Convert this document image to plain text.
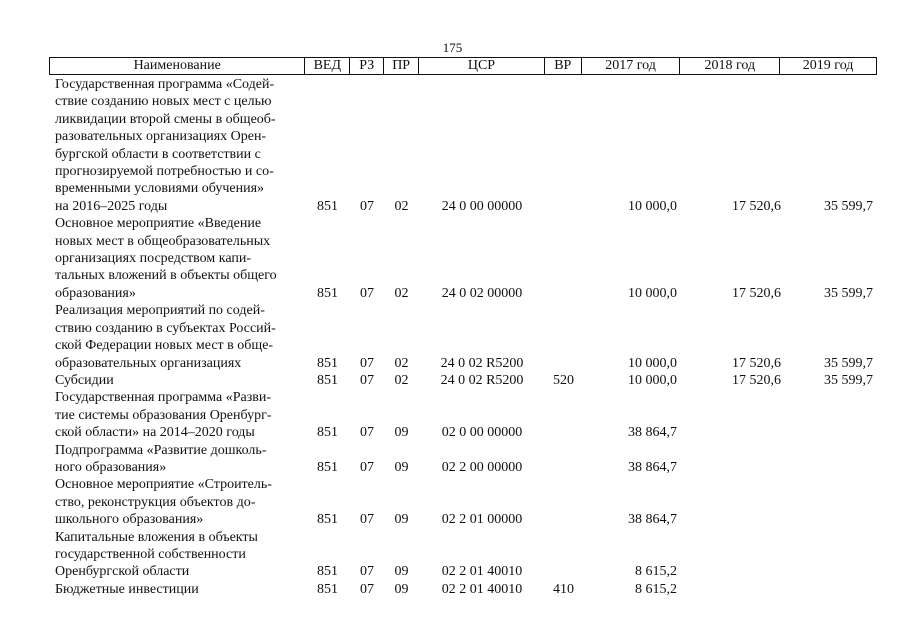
175
Наименование	ВЕД	РЗ	ПР	ЦСР	ВР	2017 год	2018 год	2019 год
Государственная программа «Содей-
ствие созданию новых мест с целью
ликвидации второй смены в общеоб-
разовательных организациях Орен-
бургской области в соответствии с
прогнозируемой потребностью и со-
временными условиями обучения»
на 2016–2025 годы	851	07	02	24 0 00 00000	10 000,0	17 520,6	35 599,7
Основное мероприятие «Введение
новых мест в общеобразовательных
организациях посредством капи-
тальных вложений в объекты общего
образования»	851	07	02	24 0 02 00000	10 000,0	17 520,6	35 599,7
Реализация мероприятий по содей-
ствию созданию в субъектах Россий-
ской Федерации новых мест в обще-
образовательных организациях	851	07	02	24 0 02 R5200	10 000,0	17 520,6	35 599,7
Субсидии	851	07	02	24 0 02 R5200	520	10 000,0	17 520,6	35 599,7
Государственная программа «Разви-
тие системы образования Оренбург-
ской области» на 2014–2020 годы	851	07	09	02 0 00 00000	38 864,7
Подпрограмма «Развитие дошколь-
ного образования»	851	07	09	02 2 00 00000	38 864,7
Основное мероприятие «Строитель-
ство, реконструкция объектов до-
школьного образования»	851	07	09	02 2 01 00000	38 864,7
Капитальные вложения в объекты
государственной собственности
Оренбургской области	851	07	09	02 2 01 40010	8 615,2
Бюджетные инвестиции	851	07	09	02 2 01 40010	410	8 615,2
